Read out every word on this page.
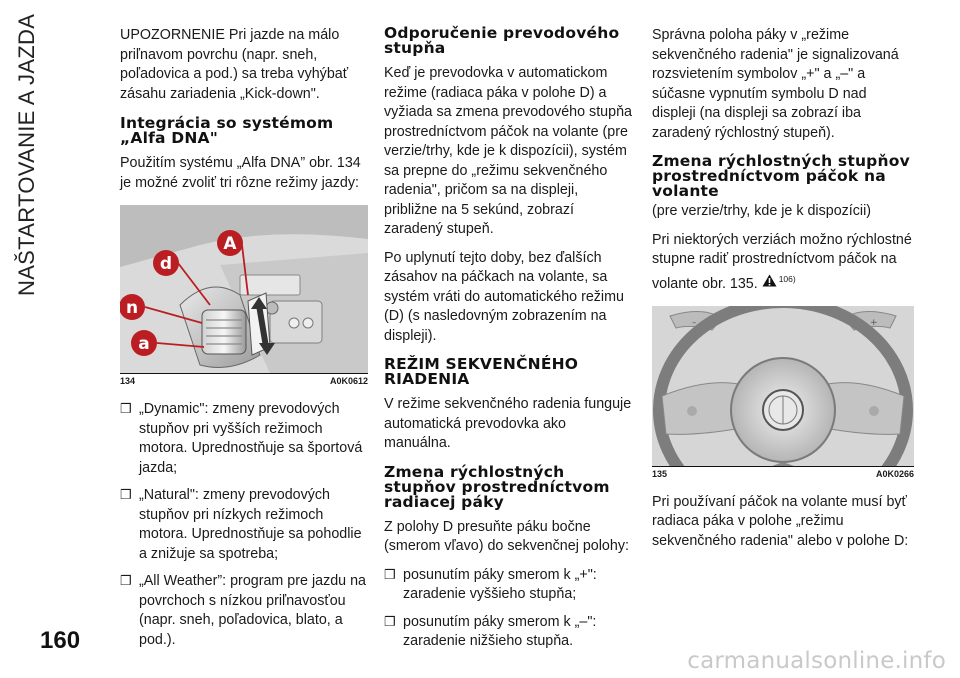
NAŠTARTOVANIE A JAZDA	UPOZORNENIE Pri jazde na málo priľnavom povrchu (napr. sneh, poľadovica a pod.) sa treba vyhýbať zásahu zariadenia „Kick-down".

Integrácia so systémom „Alfa DNA"

Použitím systému „Alfa DNA” obr. 134 je možné zvoliť tri rôzne režimy jazdy:

d
A
n
a
134	A0K0612
❒ „Dynamic": zmeny prevodových stupňov pri vyšších režimoch motora. Uprednostňuje sa športová jazda;
❒ „Natural": zmeny prevodových stupňov pri nízkych režimoch motora. Uprednostňuje sa pohodlie a znižuje sa spotreba;
❒ „All Weather”: program pre jazdu na povrchoch s nízkou priľnavosťou (napr. sneh, poľadovica, blato, a pod.).
Odporučenie prevodového stupňa

Keď je prevodovka v automatickom režime (radiaca páka v polohe D) a vyžiada sa zmena prevodového stupňa prostredníctvom páčok na volante (pre verzie/trhy, kde je k dispozícii), systém sa prepne do „režimu sekvenčného radenia", pričom sa na displeji, približne na 5 sekúnd, zobrazí zaradený stupeň.

Po uplynutí tejto doby, bez ďalších zásahov na páčkach na volante, sa systém vráti do automatického režimu (D) (s nasledovným zobrazením na displeji).

REŽIM SEKVENČNÉHO RIADENIA

V režime sekvenčného radenia funguje automatická prevodovka ako manuálna.

Zmena rýchlostných stupňov prostredníctvom radiacej páky

Z polohy D presuňte páku bočne (smerom vľavo) do sekvenčnej polohy:

❒ posunutím páky smerom k „+": zaradenie vyššieho stupňa;
❒ posunutím páky smerom k „–": zaradenie nižšieho stupňa.

Správna poloha páky v „režime sekvenčného radenia" je signalizovaná rozsvietením symbolov „+" a „–" a súčasne vypnutím symbolu D nad displeji (na displeji sa zobrazí iba zaradený rýchlostný stupeň).

Zmena rýchlostných stupňov prostredníctvom páčok na volante

(pre verzie/trhy, kde je k dispozícii)

Pri niektorých verziách možno rýchlostné stupne radiť prostredníctvom páčok na volante obr. 135. $^{106)}$

–	+
135	A0K0266

Pri používaní páčok na volante musí byť radiaca páka v polohe „režimu sekvenčného radenia" alebo v polohe D:

160
carmanualsonline.info
